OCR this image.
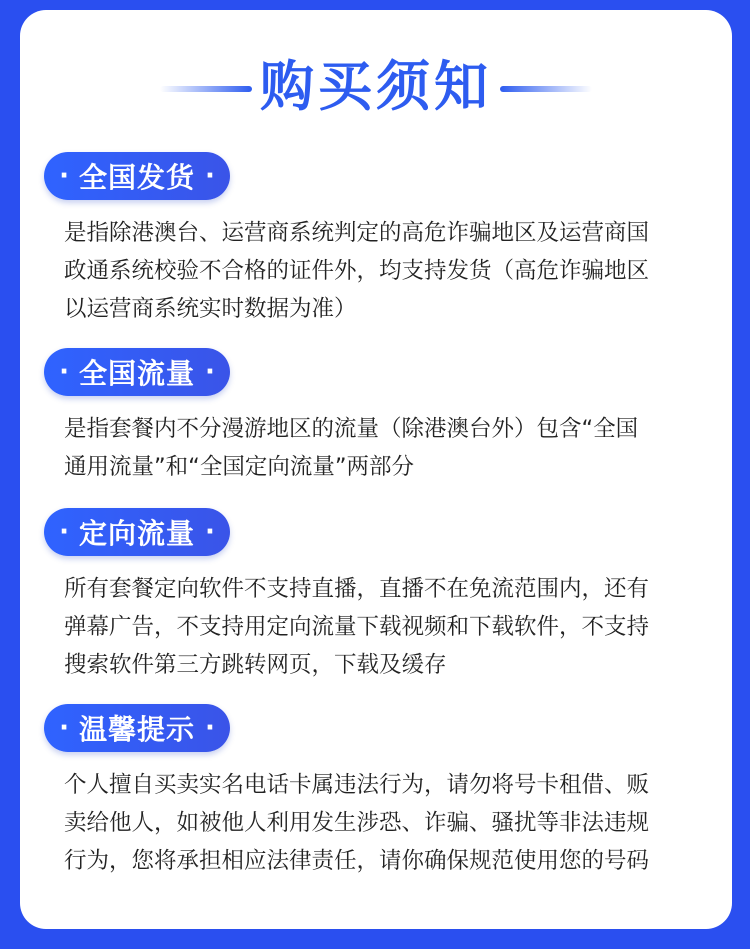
购买须知
· 全国发货 ·
是指除港澳台、运营商系统判定的高危诈骗地区及运营商国
政通系统校验不合格的证件外，均支持发货（高危诈骗地区
以运营商系统实时数据为准）
· 全国流量 ·
是指套餐内不分漫游地区的流量（除港澳台外）包含“全国
通用流量”和“全国定向流量”两部分
· 定向流量 ·
所有套餐定向软件不支持直播，直播不在免流范围内，还有
弹幕广告，不支持用定向流量下载视频和下载软件，不支持
搜索软件第三方跳转网页，下载及缓存
· 温馨提示 ·
个人擅自买卖实名电话卡属违法行为，请勿将号卡租借、贩
卖给他人，如被他人利用发生涉恐、诈骗、骚扰等非法违规
行为，您将承担相应法律责任，请你确保规范使用您的号码
